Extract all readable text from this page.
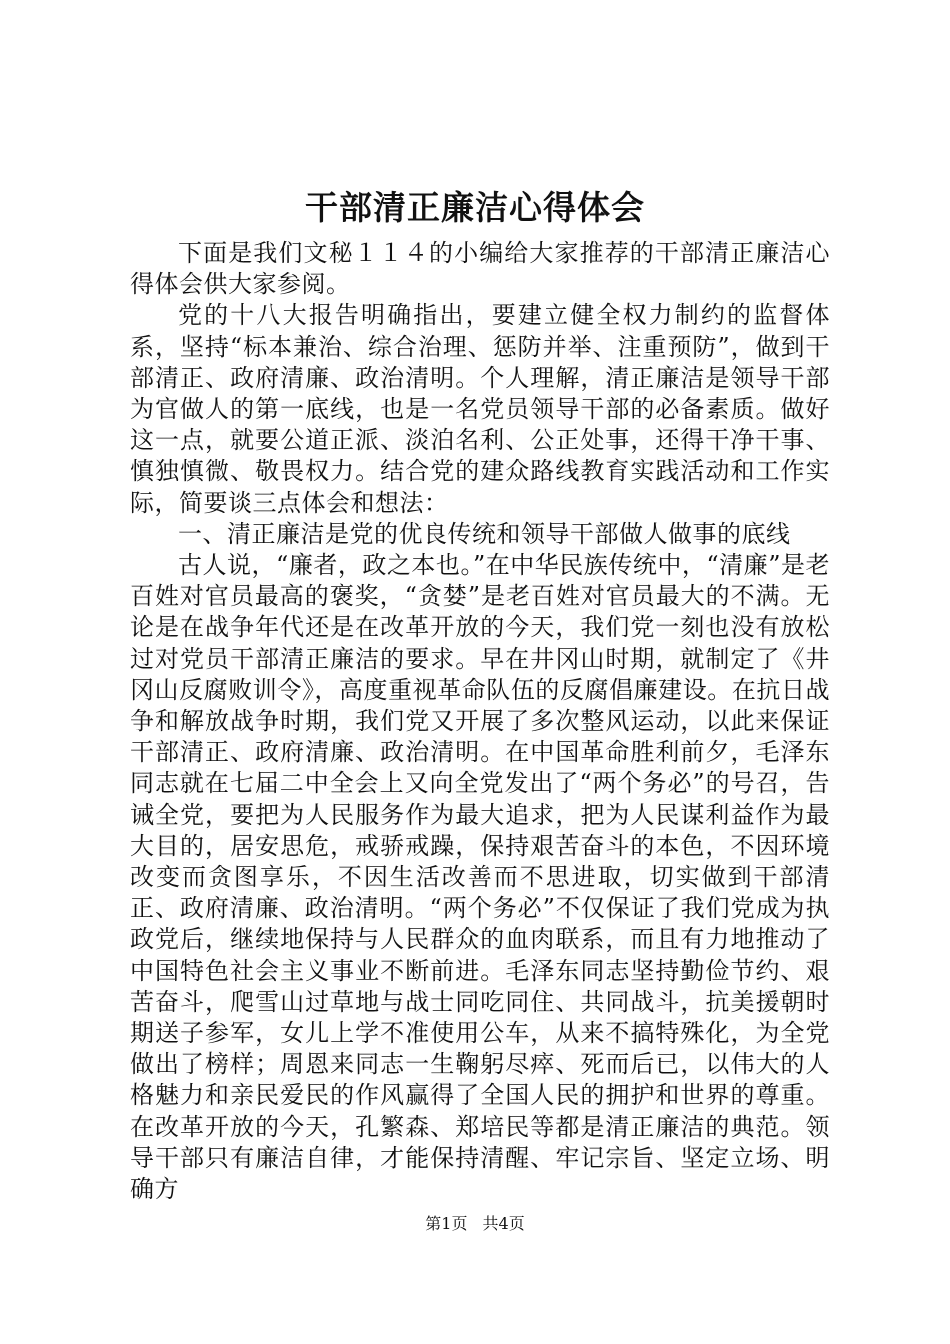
干部清正廉洁心得体会

下面是我们文秘１１４的小编给大家推荐的干部清正廉洁心得体会供大家参阅。

党的十八大报告明确指出，要建立健全权力制约的监督体系，坚持“标本兼治、综合治理、惩防并举、注重预防”，做到干部清正、政府清廉、政治清明。个人理解，清正廉洁是领导干部为官做人的第一底线，也是一名党员领导干部的必备素质。做好这一点，就要公道正派、淡泊名利、公正处事，还得干净干事、慎独慎微、敬畏权力。结合党的建众路线教育实践活动和工作实际，简要谈三点体会和想法：

一、清正廉洁是党的优良传统和领导干部做人做事的底线

古人说，“廉者，政之本也。”在中华民族传统中，“清廉”是老百姓对官员最高的褒奖，“贪婪”是老百姓对官员最大的不满。无论是在战争年代还是在改革开放的今天，我们党一刻也没有放松过对党员干部清正廉洁的要求。早在井冈山时期，就制定了《井冈山反腐败训令》，高度重视革命队伍的反腐倡廉建设。在抗日战争和解放战争时期，我们党又开展了多次整风运动，以此来保证干部清正、政府清廉、政治清明。在中国革命胜利前夕，毛泽东同志就在七届二中全会上又向全党发出了“两个务必”的号召，告诫全党，要把为人民服务作为最大追求，把为人民谋利益作为最大目的，居安思危，戒骄戒躁，保持艰苦奋斗的本色，不因环境改变而贪图享乐，不因生活改善而不思进取，切实做到干部清正、政府清廉、政治清明。“两个务必”不仅保证了我们党成为执政党后，继续地保持与人民群众的血肉联系，而且有力地推动了中国特色社会主义事业不断前进。毛泽东同志坚持勤俭节约、艰苦奋斗，爬雪山过草地与战士同吃同住、共同战斗，抗美援朝时期送子参军，女儿上学不准使用公车，从来不搞特殊化，为全党做出了榜样；周恩来同志一生鞠躬尽瘁、死而后已，以伟大的人格魅力和亲民爱民的作风赢得了全国人民的拥护和世界的尊重。在改革开放的今天，孔繁森、郑培民等都是清正廉洁的典范。领导干部只有廉洁自律，才能保持清醒、牢记宗旨、坚定立场、明确方

第1页 共4页
